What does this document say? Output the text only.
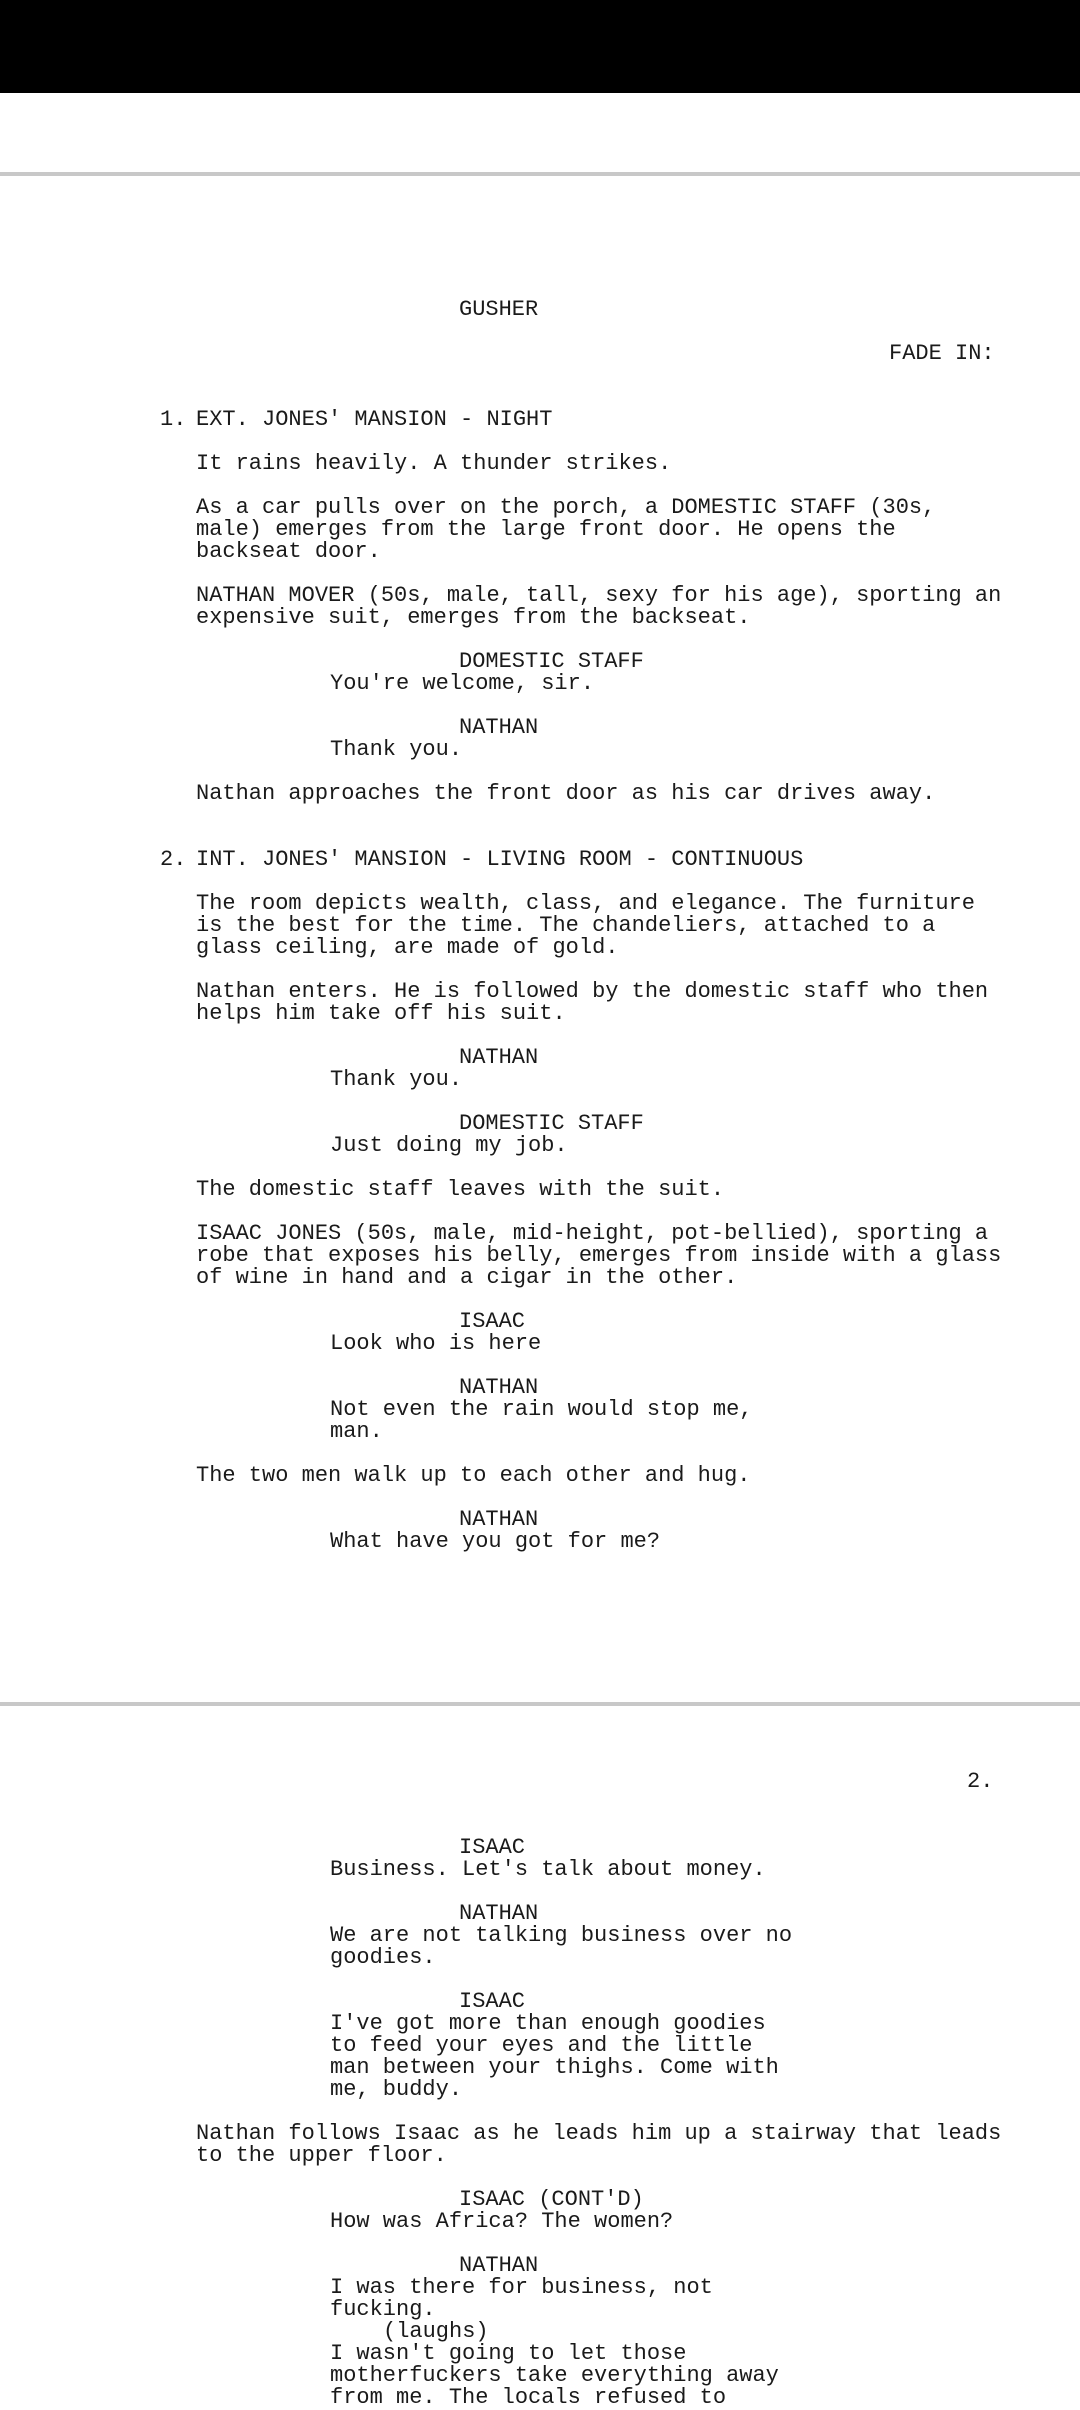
GUSHER
FADE IN:
1. EXT. JONES' MANSION - NIGHT
It rains heavily. A thunder strikes.
As a car pulls over on the porch, a DOMESTIC STAFF (30s,
male) emerges from the large front door. He opens the
backseat door.
NATHAN MOVER (50s, male, tall, sexy for his age), sporting an
expensive suit, emerges from the backseat.
DOMESTIC STAFF
You're welcome, sir.
NATHAN
Thank you.
Nathan approaches the front door as his car drives away.
2. INT. JONES' MANSION - LIVING ROOM - CONTINUOUS
The room depicts wealth, class, and elegance. The furniture
is the best for the time. The chandeliers, attached to a
glass ceiling, are made of gold.
Nathan enters. He is followed by the domestic staff who then
helps him take off his suit.
NATHAN
Thank you.
DOMESTIC STAFF
Just doing my job.
The domestic staff leaves with the suit.
ISAAC JONES (50s, male, mid-height, pot-bellied), sporting a
robe that exposes his belly, emerges from inside with a glass
of wine in hand and a cigar in the other.
ISAAC
Look who is here
NATHAN
Not even the rain would stop me,
man.
The two men walk up to each other and hug.
NATHAN
What have you got for me?
2.
ISAAC
Business. Let's talk about money.
NATHAN
We are not talking business over no
goodies.
ISAAC
I've got more than enough goodies
to feed your eyes and the little
man between your thighs. Come with
me, buddy.
Nathan follows Isaac as he leads him up a stairway that leads
to the upper floor.
ISAAC (CONT'D)
How was Africa? The women?
NATHAN
I was there for business, not
fucking.
(laughs)
I wasn't going to let those
motherfuckers take everything away
from me. The locals refused to
